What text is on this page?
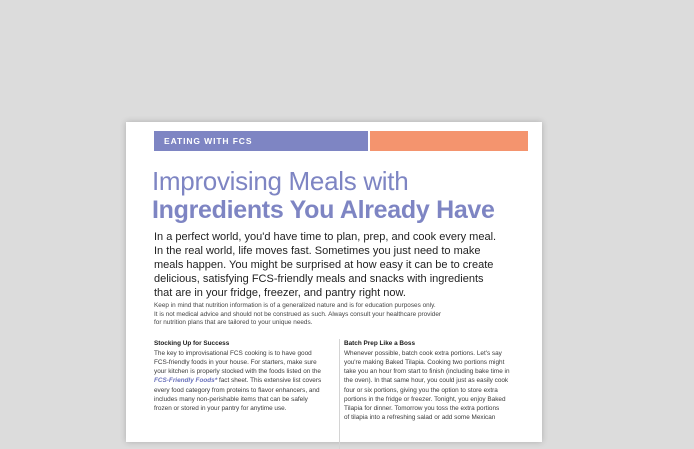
EATING WITH FCS
Improvising Meals with
Ingredients You Already Have
In a perfect world, you'd have time to plan, prep, and cook every meal.
In the real world, life moves fast. Sometimes you just need to make
meals happen. You might be surprised at how easy it can be to create
delicious, satisfying FCS-friendly meals and snacks with ingredients
that are in your fridge, freezer, and pantry right now.
Keep in mind that nutrition information is of a generalized nature and is for education purposes only.
It is not medical advice and should not be construed as such. Always consult your healthcare provider
for nutrition plans that are tailored to your unique needs.
Stocking Up for Success
The key to improvisational FCS cooking is to have good
FCS-friendly foods in your house. For starters, make sure
your kitchen is properly stocked with the foods listed on the
FCS-Friendly Foods* fact sheet. This extensive list covers
every food category from proteins to flavor enhancers, and
includes many non-perishable items that can be safely
frozen or stored in your pantry for anytime use.
Batch Prep Like a Boss
Whenever possible, batch cook extra portions. Let's say
you're making Baked Tilapia. Cooking two portions might
take you an hour from start to finish (including bake time in
the oven). In that same hour, you could just as easily cook
four or six portions, giving you the option to store extra
portions in the fridge or freezer. Tonight, you enjoy Baked
Tilapia for dinner. Tomorrow you toss the extra portions
of tilapia into a refreshing salad or add some Mexican
